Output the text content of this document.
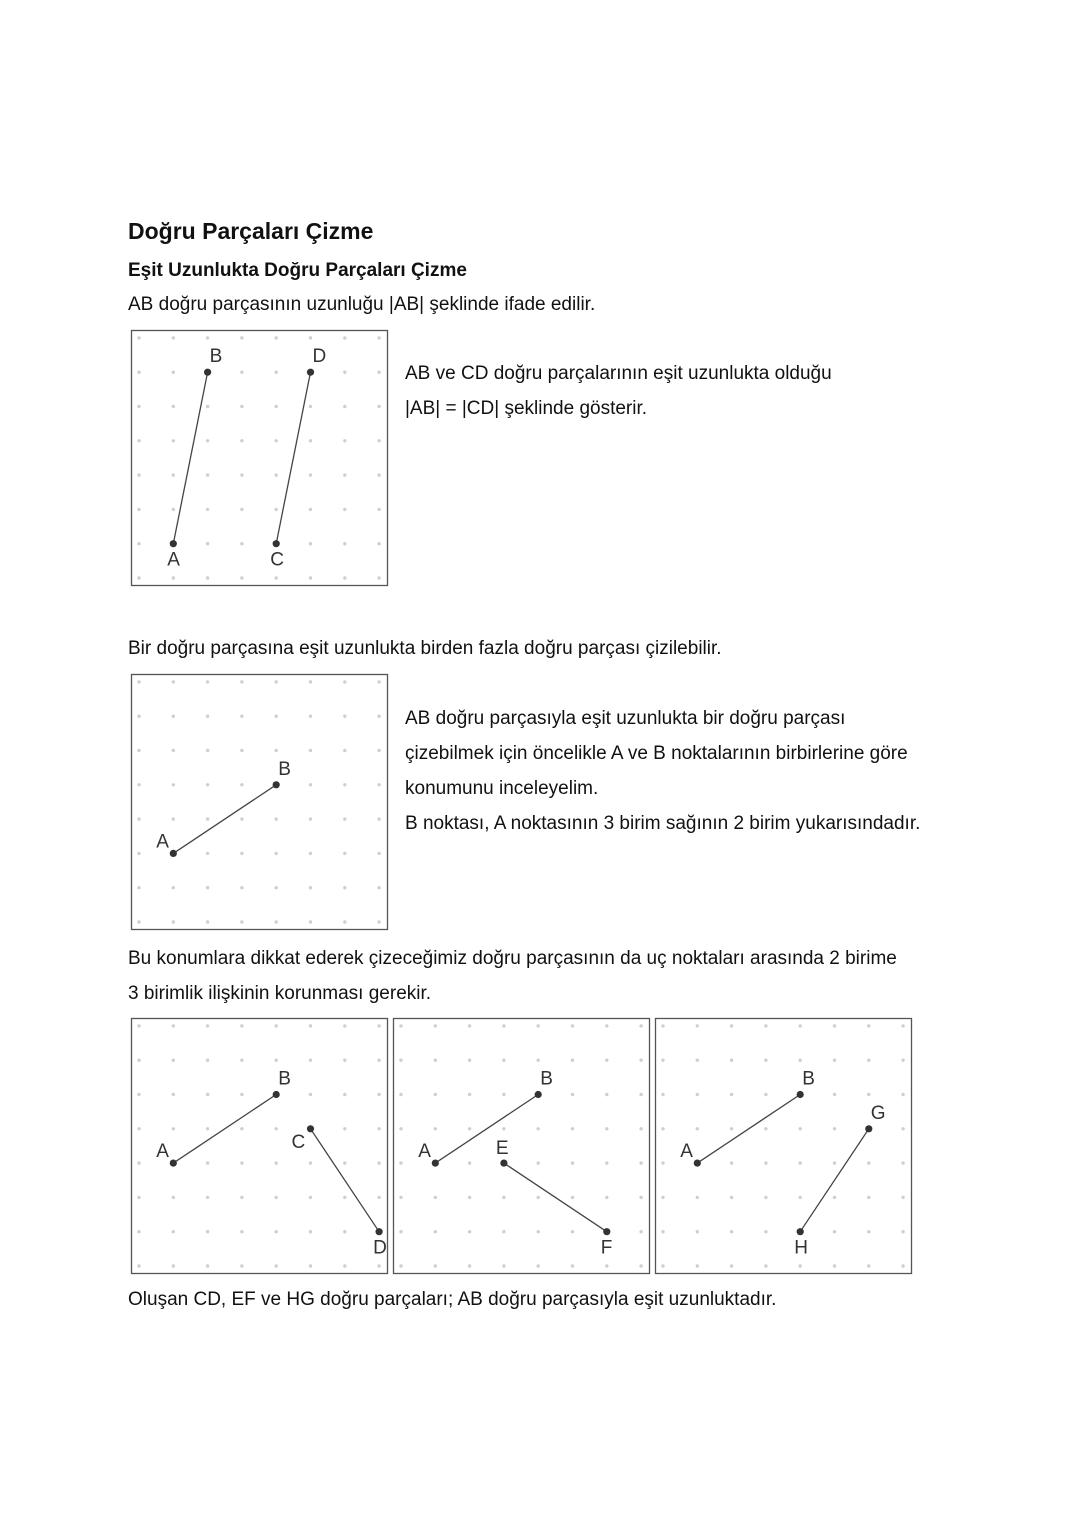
Doğru Parçaları Çizme
Eşit Uzunlukta Doğru Parçaları Çizme
AB doğru parçasının uzunluğu |AB| şeklinde ifade edilir.
A
B
C
D
AB ve CD doğru parçalarının eşit uzunlukta olduğu
|AB| = |CD| şeklinde gösterir.
Bir doğru parçasına eşit uzunlukta birden fazla doğru parçası çizilebilir.
A
B
AB doğru parçasıyla eşit uzunlukta bir doğru parçası
çizebilmek için öncelikle A ve B noktalarının birbirlerine göre
konumunu inceleyelim.
B noktası, A noktasının 3 birim sağının 2 birim yukarısındadır.
Bu konumlara dikkat ederek çizeceğimiz doğru parçasının da uç noktaları arasında 2 birime
3 birimlik ilişkinin korunması gerekir.
A
B
C
D
A
B
E
F
A
B
H
G
Oluşan CD, EF ve HG doğru parçaları; AB doğru parçasıyla eşit uzunluktadır.
